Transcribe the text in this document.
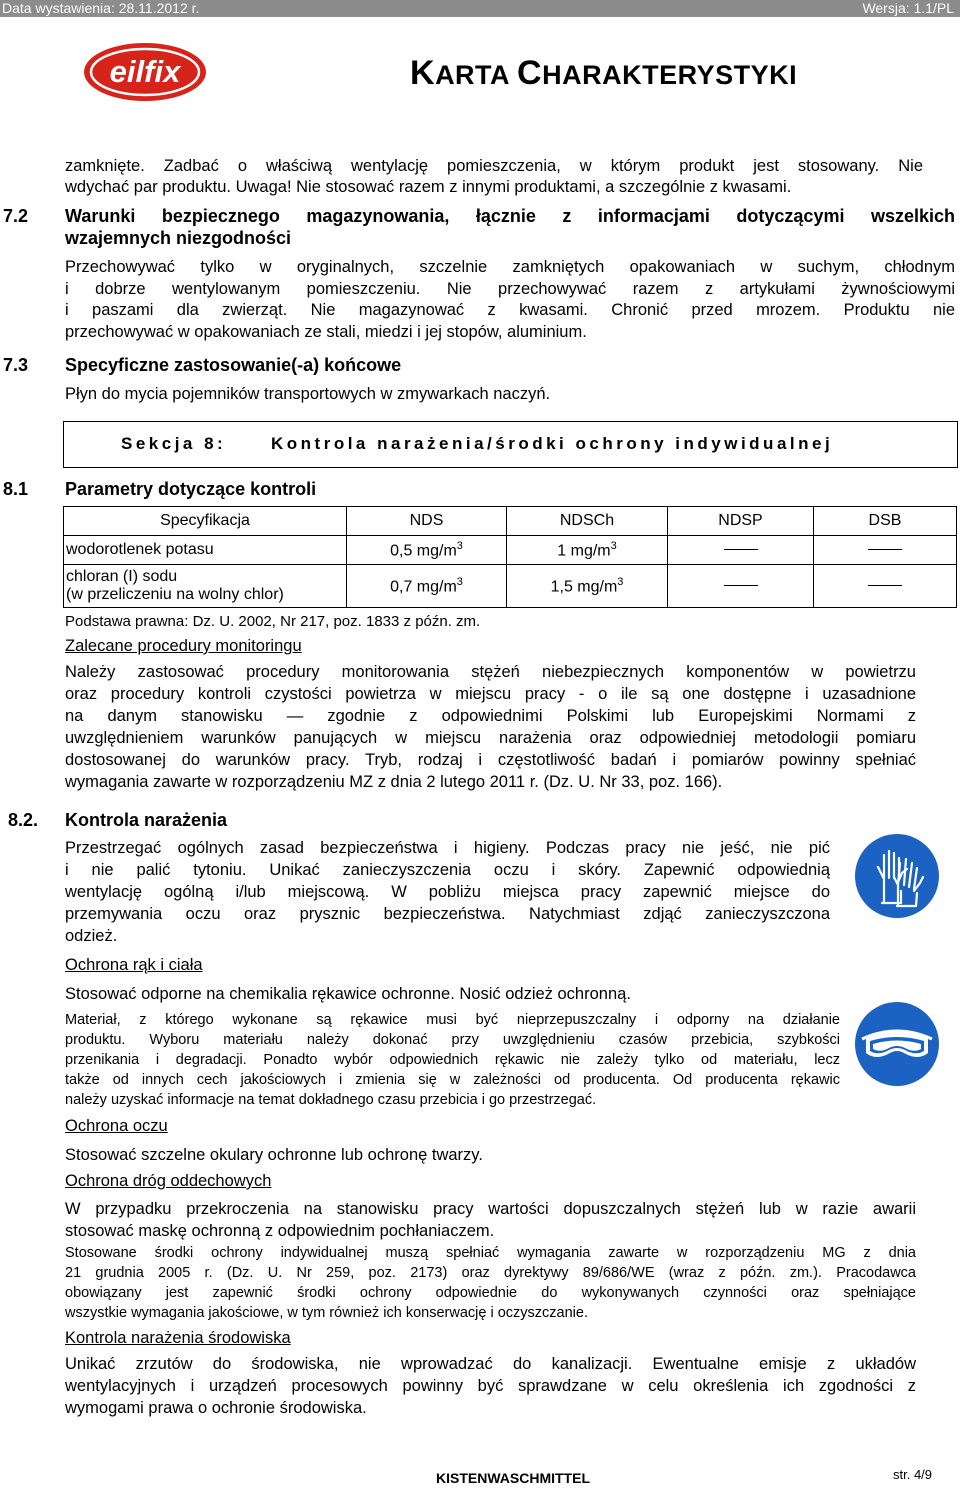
Data wystawienia: 28.11.2012 r.	Wersja: 1.1/PL
eilfix	KARTA CHARAKTERYSTYKI
zamknięte. Zadbać o właściwą wentylację pomieszczenia, w którym produkt jest stosowany. Nie
wdychać par produktu. Uwaga! Nie stosować razem z innymi produktami, a szczególnie z kwasami.
7.2 Warunki bezpiecznego magazynowania, łącznie z informacjami dotyczącymi wszelkich
wzajemnych niezgodności
Przechowywać tylko w oryginalnych, szczelnie zamkniętych opakowaniach w suchym, chłodnym
i dobrze wentylowanym pomieszczeniu. Nie przechowywać razem z artykułami żywnościowymi
i paszami dla zwierząt. Nie magazynować z kwasami. Chronić przed mrozem. Produktu nie
przechowywać w opakowaniach ze stali, miedzi i jej stopów, aluminium.
7.3 Specyficzne zastosowanie(-a) końcowe
Płyn do mycia pojemników transportowych w zmywarkach naczyń.
Sekcja 8:	Kontrola narażenia/środki ochrony indywidualnej
8.1 Parametry dotyczące kontroli
Specyfikacja	NDS	NDSCh	NDSP	DSB
wodorotlenek potasu	0,5 $mg/m^3$	1 $mg/m^3$		
chloran (I) sodu
(w przeliczeniu na wolny chlor)	0,7 $mg/m^3$	1,5 $mg/m^3$		
Podstawa prawna: Dz. U. 2002, Nr 217, poz. 1833 z późn. zm.
Zalecane procedury monitoringu
Należy zastosować procedury monitorowania stężeń niebezpiecznych komponentów w powietrzu
oraz procedury kontroli czystości powietrza w miejscu pracy - o ile są one dostępne i uzasadnione
na danym stanowisku — zgodnie z odpowiednimi Polskimi lub Europejskimi Normami z
uwzględnieniem warunków panujących w miejscu narażenia oraz odpowiedniej metodologii pomiaru
dostosowanej do warunków pracy. Tryb, rodzaj i częstotliwość badań i pomiarów powinny spełniać
wymagania zawarte w rozporządzeniu MZ z dnia 2 lutego 2011 r. (Dz. U. Nr 33, poz. 166).
8.2. Kontrola narażenia
Przestrzegać ogólnych zasad bezpieczeństwa i higieny. Podczas pracy nie jeść, nie pić
i nie palić tytoniu. Unikać zanieczyszczenia oczu i skóry. Zapewnić odpowiednią
wentylację ogólną i/lub miejscową. W pobliżu miejsca pracy zapewnić miejsce do
przemywania oczu oraz prysznic bezpieczeństwa. Natychmiast zdjąć zanieczyszczona
odzież.
Ochrona rąk i ciała
Stosować odporne na chemikalia rękawice ochronne. Nosić odzież ochronną.
Materiał, z którego wykonane są rękawice musi być nieprzepuszczalny i odporny na działanie
produktu. Wyboru materiału należy dokonać przy uwzględnieniu czasów przebicia, szybkości
przenikania i degradacji. Ponadto wybór odpowiednich rękawic nie zależy tylko od materiału, lecz
także od innych cech jakościowych i zmienia się w zależności od producenta. Od producenta rękawic
należy uzyskać informacje na temat dokładnego czasu przebicia i go przestrzegać.
Ochrona oczu
Stosować szczelne okulary ochronne lub ochronę twarzy.
Ochrona dróg oddechowych
W przypadku przekroczenia na stanowisku pracy wartości dopuszczalnych stężeń lub w razie awarii
stosować maskę ochronną z odpowiednim pochłaniaczem.
Stosowane środki ochrony indywidualnej muszą spełniać wymagania zawarte w rozporządzeniu MG z dnia
21 grudnia 2005 r. (Dz. U. Nr 259, poz. 2173) oraz dyrektywy 89/686/WE (wraz z późn. zm.). Pracodawca
obowiązany jest zapewnić środki ochrony odpowiednie do wykonywanych czynności oraz spełniające
wszystkie wymagania jakościowe, w tym również ich konserwację i oczyszczanie.
Kontrola narażenia środowiska
Unikać zrzutów do środowiska, nie wprowadzać do kanalizacji. Ewentualne emisje z układów
wentylacyjnych i urządzeń procesowych powinny być sprawdzane w celu określenia ich zgodności z
wymogami prawa o ochronie środowiska.
KISTENWASCHMITTEL	str. 4/9
